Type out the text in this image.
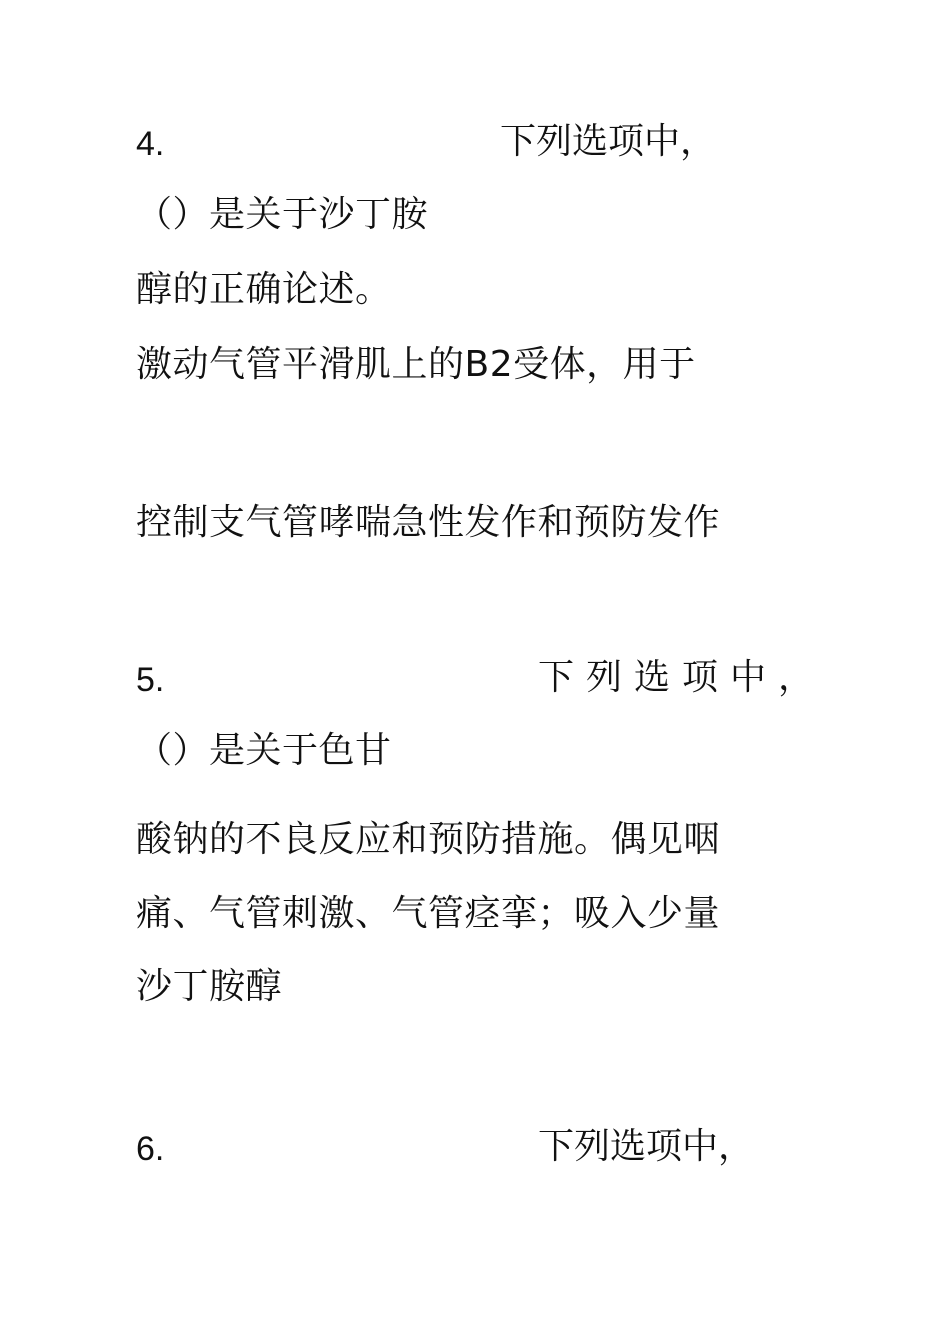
4.	下列选项中，
（）是关于沙丁胺
醇的正确论述。
激动气管平滑肌上的B2受体，用于
控制支气管哮喘急性发作和预防发作
5.	下列选项中，
（）是关于色甘
酸钠的不良反应和预防措施。偶见咽
痛、气管刺激、气管痉挛；吸入少量
沙丁胺醇
6.	下列选项中，
